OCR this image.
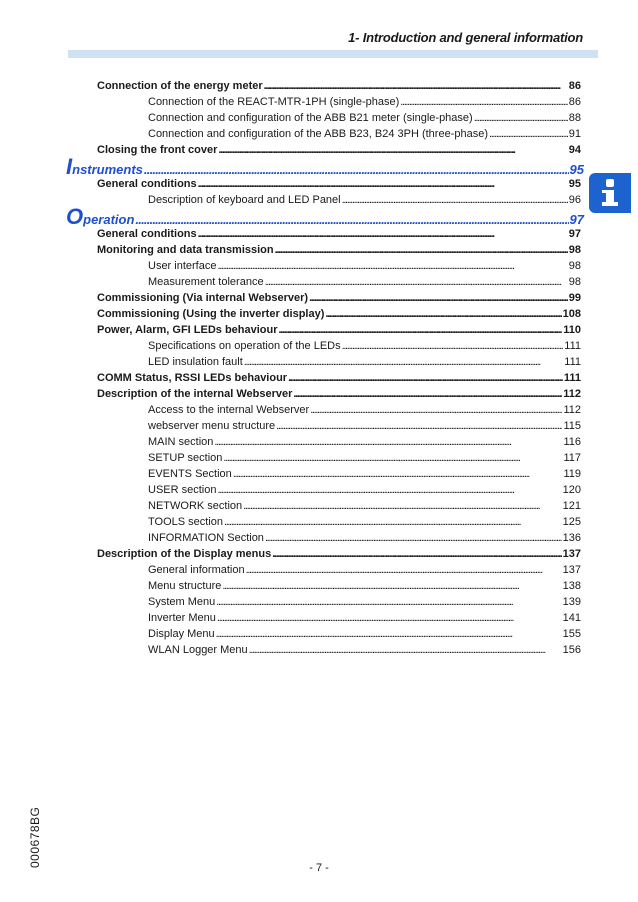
1- Introduction and general information
Connection of the energy meter . . .	86
Connection of the REACT-MTR-1PH (single-phase) . . .	86
Connection and configuration of the ABB B21 meter (single-phase) . . .	88
Connection and configuration of the ABB B23, B24 3PH (three-phase) . . .	91
Closing the front cover . . .	94
Instruments . . .	95
General conditions . . .	95
Description of keyboard and LED Panel . . .	96
Operation . . .	97
General conditions . . .	97
Monitoring and data transmission . . .	98
User interface . . .	98
Measurement tolerance . . .	98
Commissioning (Via internal Webserver) . . .	99
Commissioning (Using the inverter display) . . .	108
Power, Alarm, GFI LEDs behaviour . . .	110
Specifications on operation of the LEDs . . .	111
LED insulation fault . . .	111
COMM Status, RSSI LEDs behaviour . . .	111
Description of the internal Webserver . . .	112
Access to the internal Webserver . . .	112
webserver menu structure . . .	115
MAIN section . . .	116
SETUP section . . .	117
EVENTS Section . . .	119
USER section . . .	120
NETWORK section . . .	121
TOOLS section . . .	125
INFORMATION Section . . .	136
Description of the Display menus . . .	137
General information . . .	137
Menu structure . . .	138
System Menu . . .	139
Inverter Menu . . .	141
Display Menu . . .	155
WLAN Logger Menu . . .	156
000678BG	- 7 -
